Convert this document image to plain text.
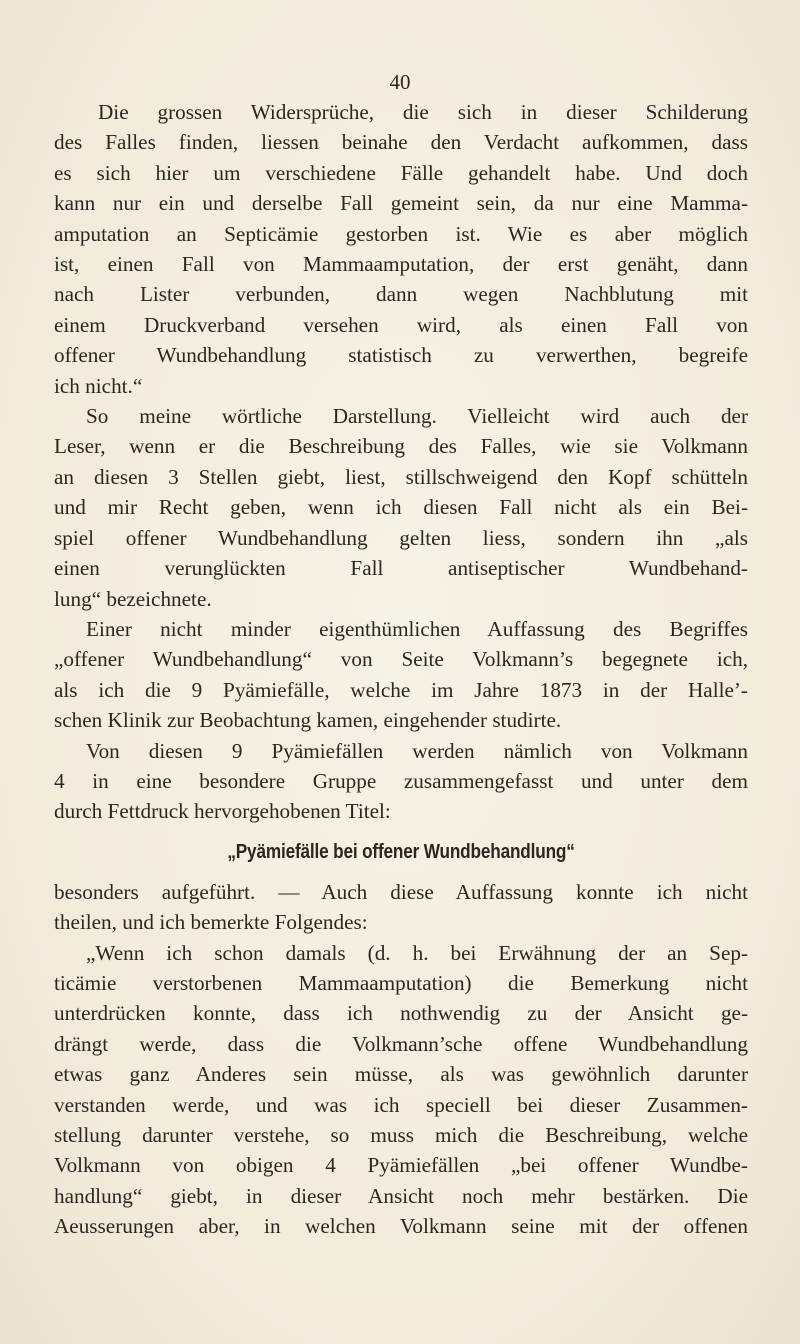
40
Die grossen Widersprüche, die sich in dieser Schilderung
des Falles finden, liessen beinahe den Verdacht aufkommen, dass
es sich hier um verschiedene Fälle gehandelt habe. Und doch
kann nur ein und derselbe Fall gemeint sein, da nur eine Mamma-
amputation an Septicämie gestorben ist. Wie es aber möglich
ist, einen Fall von Mammaamputation, der erst genäht, dann
nach Lister verbunden, dann wegen Nachblutung mit
einem Druckverband versehen wird, als einen Fall von
offener Wundbehandlung statistisch zu verwerthen, begreife
ich nicht.“
So meine wörtliche Darstellung. Vielleicht wird auch der
Leser, wenn er die Beschreibung des Falles, wie sie Volkmann
an diesen 3 Stellen giebt, liest, stillschweigend den Kopf schütteln
und mir Recht geben, wenn ich diesen Fall nicht als ein Bei-
spiel offener Wundbehandlung gelten liess, sondern ihn „als
einen verunglückten Fall antiseptischer Wundbehand-
lung“ bezeichnete.
Einer nicht minder eigenthümlichen Auffassung des Begriffes
„offener Wundbehandlung“ von Seite Volkmann’s begegnete ich,
als ich die 9 Pyämiefälle, welche im Jahre 1873 in der Halle’-
schen Klinik zur Beobachtung kamen, eingehender studirte.
Von diesen 9 Pyämiefällen werden nämlich von Volkmann
4 in eine besondere Gruppe zusammengefasst und unter dem
durch Fettdruck hervorgehobenen Titel:
„Pyämiefälle bei offener Wundbehandlung“
besonders aufgeführt. — Auch diese Auffassung konnte ich nicht
theilen, und ich bemerkte Folgendes:
„Wenn ich schon damals (d. h. bei Erwähnung der an Sep-
ticämie verstorbenen Mammaamputation) die Bemerkung nicht
unterdrücken konnte, dass ich nothwendig zu der Ansicht ge-
drängt werde, dass die Volkmann’sche offene Wundbehandlung
etwas ganz Anderes sein müsse, als was gewöhnlich darunter
verstanden werde, und was ich speciell bei dieser Zusammen-
stellung darunter verstehe, so muss mich die Beschreibung, welche
Volkmann von obigen 4 Pyämiefällen „bei offener Wundbe-
handlung“ giebt, in dieser Ansicht noch mehr bestärken. Die
Aeusserungen aber, in welchen Volkmann seine mit der offenen
